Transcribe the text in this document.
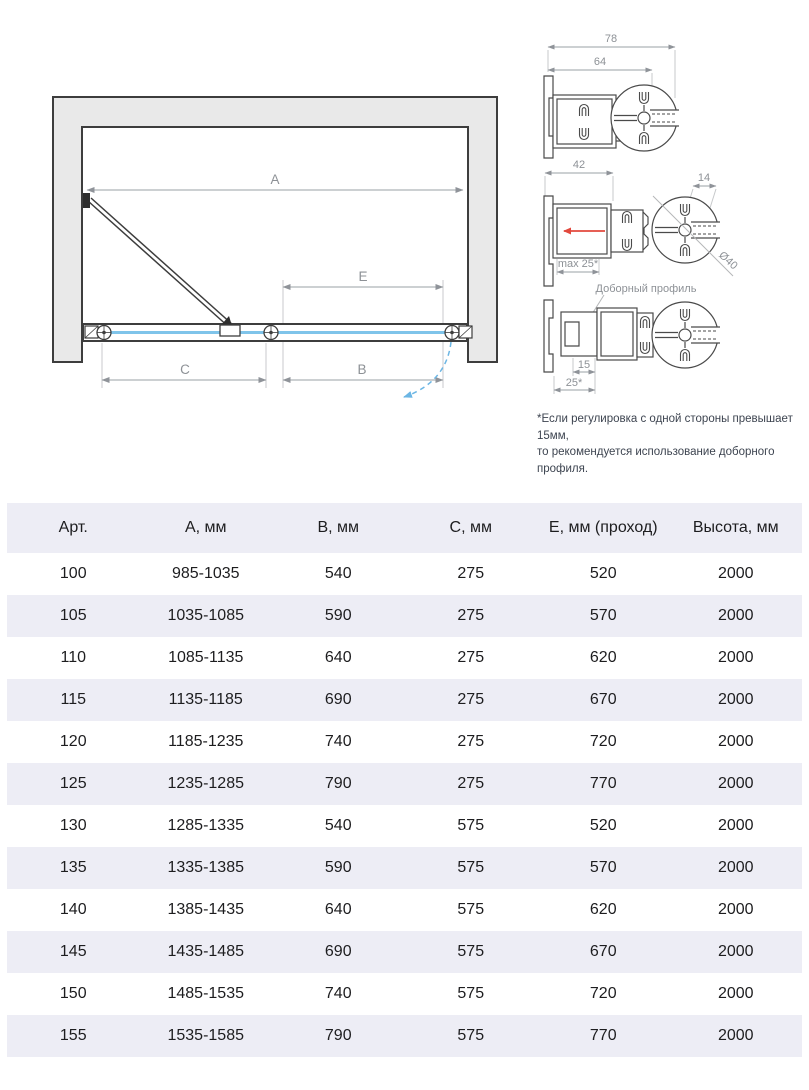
A
E
C	B
78
64
42
14
Ø40
max 25*
Доборный профиль
15
25*
*Если регулировка с одной стороны превышает 15мм,
то рекомендуется использование доборного профиля.
Арт.	А, мм	В, мм	С, мм	Е, мм (проход)	Высота, мм
100	985-1035	540	275	520	2000
105	1035-1085	590	275	570	2000
110	1085-1135	640	275	620	2000
115	1135-1185	690	275	670	2000
120	1185-1235	740	275	720	2000
125	1235-1285	790	275	770	2000
130	1285-1335	540	575	520	2000
135	1335-1385	590	575	570	2000
140	1385-1435	640	575	620	2000
145	1435-1485	690	575	670	2000
150	1485-1535	740	575	720	2000
155	1535-1585	790	575	770	2000
